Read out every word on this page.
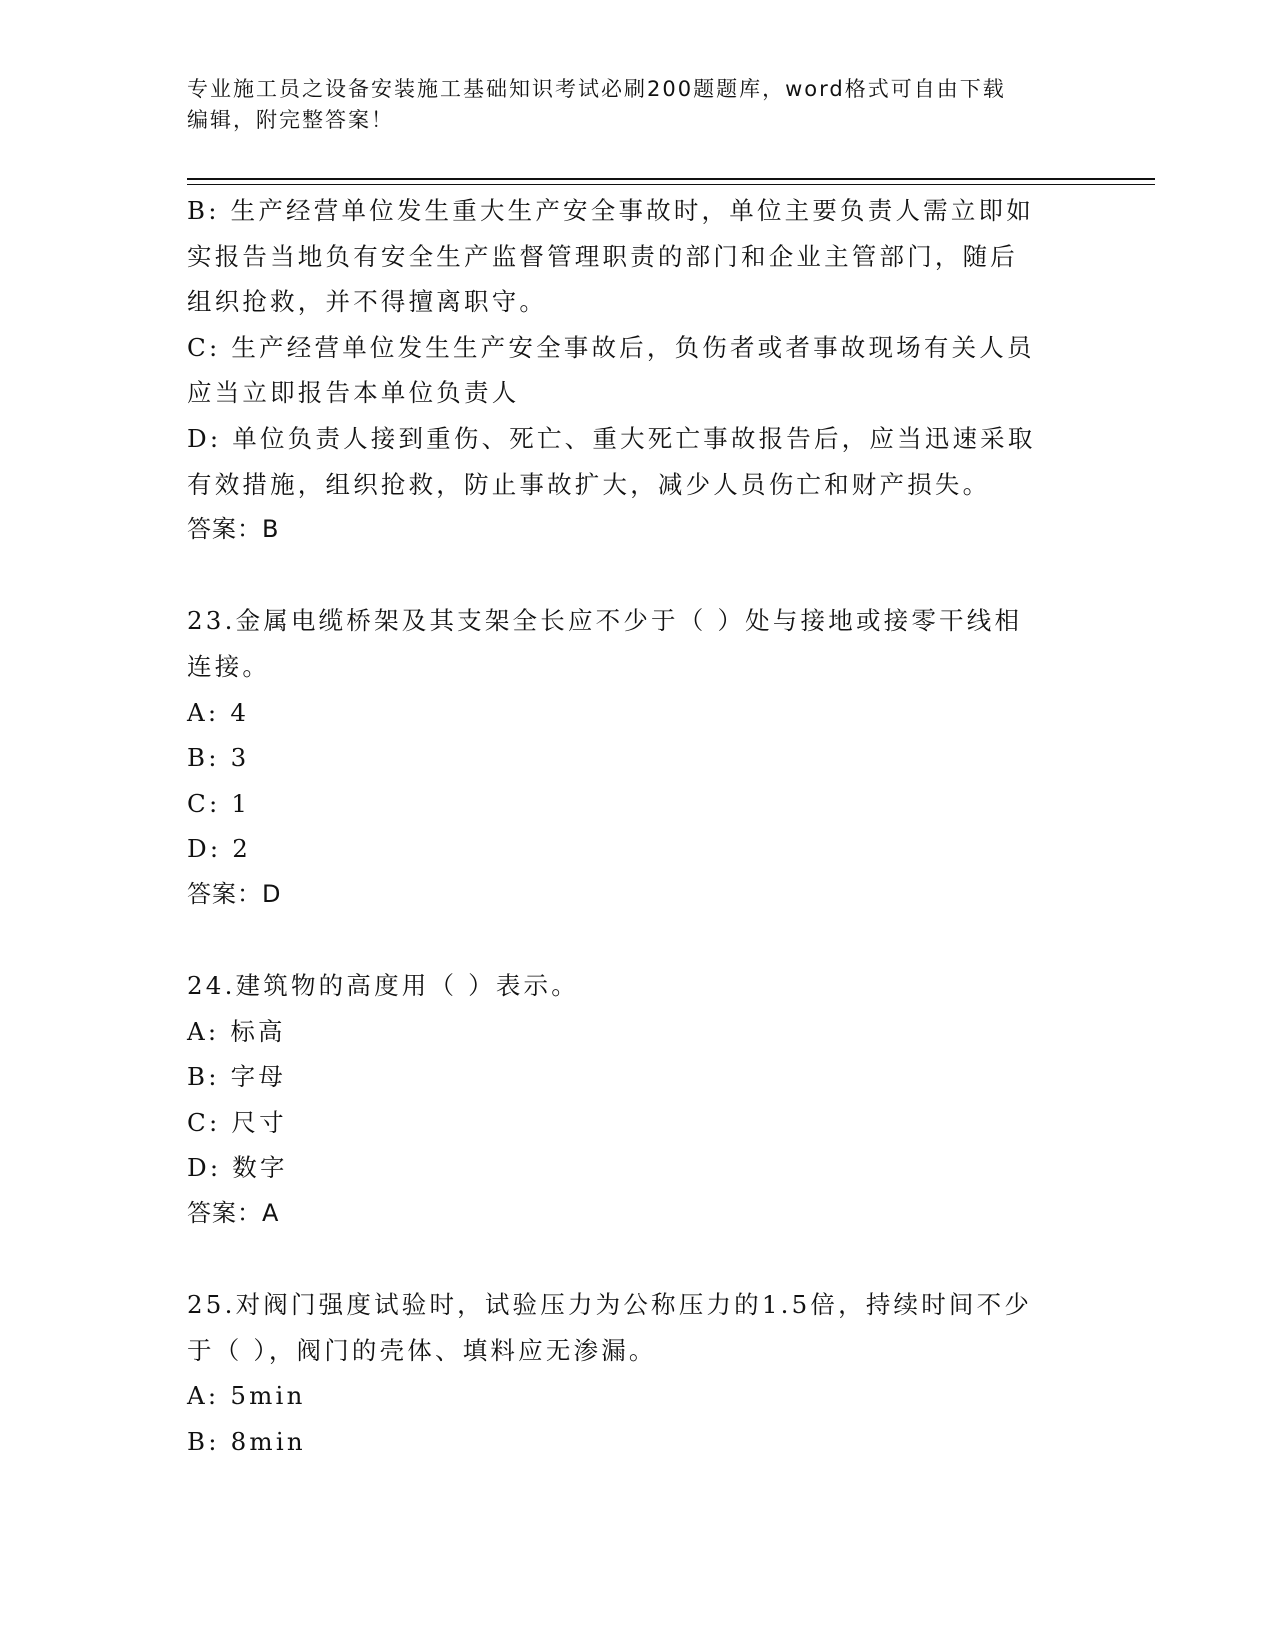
专业施工员之设备安装施工基础知识考试必刷200题题库，word格式可自由下载
编辑，附完整答案！
B: 生产经营单位发生重大生产安全事故时，单位主要负责人需立即如
实报告当地负有安全生产监督管理职责的部门和企业主管部门，随后
组织抢救，并不得擅离职守。
C: 生产经营单位发生生产安全事故后，负伤者或者事故现场有关人员
应当立即报告本单位负责人
D: 单位负责人接到重伤、死亡、重大死亡事故报告后，应当迅速采取
有效措施，组织抢救，防止事故扩大，减少人员伤亡和财产损失。
答案：B
23.金属电缆桥架及其支架全长应不少于（ ）处与接地或接零干线相
连接。
A: 4
B: 3
C: 1
D: 2
答案：D
24.建筑物的高度用（ ）表示。
A: 标高
B: 字母
C: 尺寸
D: 数字
答案：A
25.对阀门强度试验时，试验压力为公称压力的1.5倍，持续时间不少
于（ ），阀门的壳体、填料应无渗漏。
A: 5min
B: 8min
